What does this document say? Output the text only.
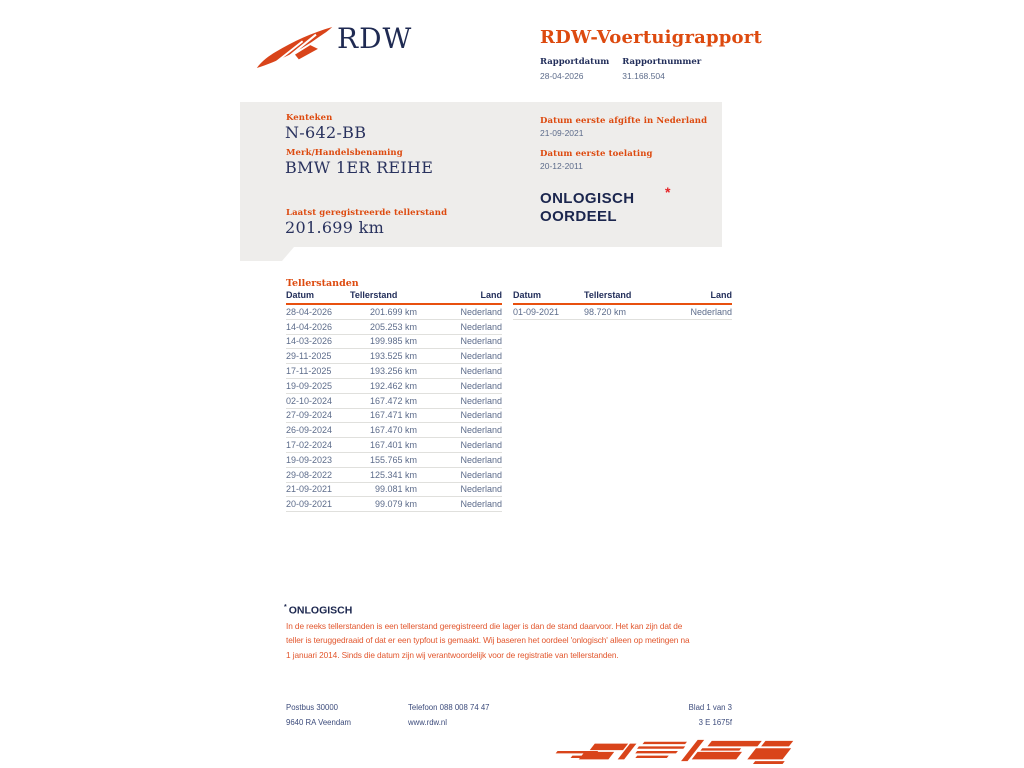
RDW	RDW-Voertuigrapport
Rapportdatum
28-04-2026
Rapportnummer
31.168.504
Kenteken
N-642-BB
Merk/Handelsbenaming
BMW 1ER REIHE
Laatst geregistreerde tellerstand
201.699 km
Datum eerste afgifte in Nederland
21-09-2021
Datum eerste toelating
20-12-2011
ONLOGISCH
OORDEEL
*
Tellerstanden
Datum	Tellerstand	Land
28-04-2026	201.699 km	Nederland
14-04-2026	205.253 km	Nederland
14-03-2026	199.985 km	Nederland
29-11-2025	193.525 km	Nederland
17-11-2025	193.256 km	Nederland
19-09-2025	192.462 km	Nederland
02-10-2024	167.472 km	Nederland
27-09-2024	167.471 km	Nederland
26-09-2024	167.470 km	Nederland
17-02-2024	167.401 km	Nederland
19-09-2023	155.765 km	Nederland
29-08-2022	125.341 km	Nederland
21-09-2021	99.081 km	Nederland
20-09-2021	99.079 km	Nederland
Datum	Tellerstand	Land
01-09-2021	98.720 km	Nederland
* ONLOGISCH
In de reeks tellerstanden is een tellerstand geregistreerd die lager is dan de stand daarvoor. Het kan zijn dat de
teller is teruggedraaid of dat er een typfout is gemaakt. Wij baseren het oordeel 'onlogisch' alleen op metingen na
1 januari 2014. Sinds die datum zijn wij verantwoordelijk voor de registratie van tellerstanden.
Postbus 30000
9640 RA Veendam
Telefoon 088 008 74 47
www.rdw.nl
Blad 1 van 3
3 E 1675f
